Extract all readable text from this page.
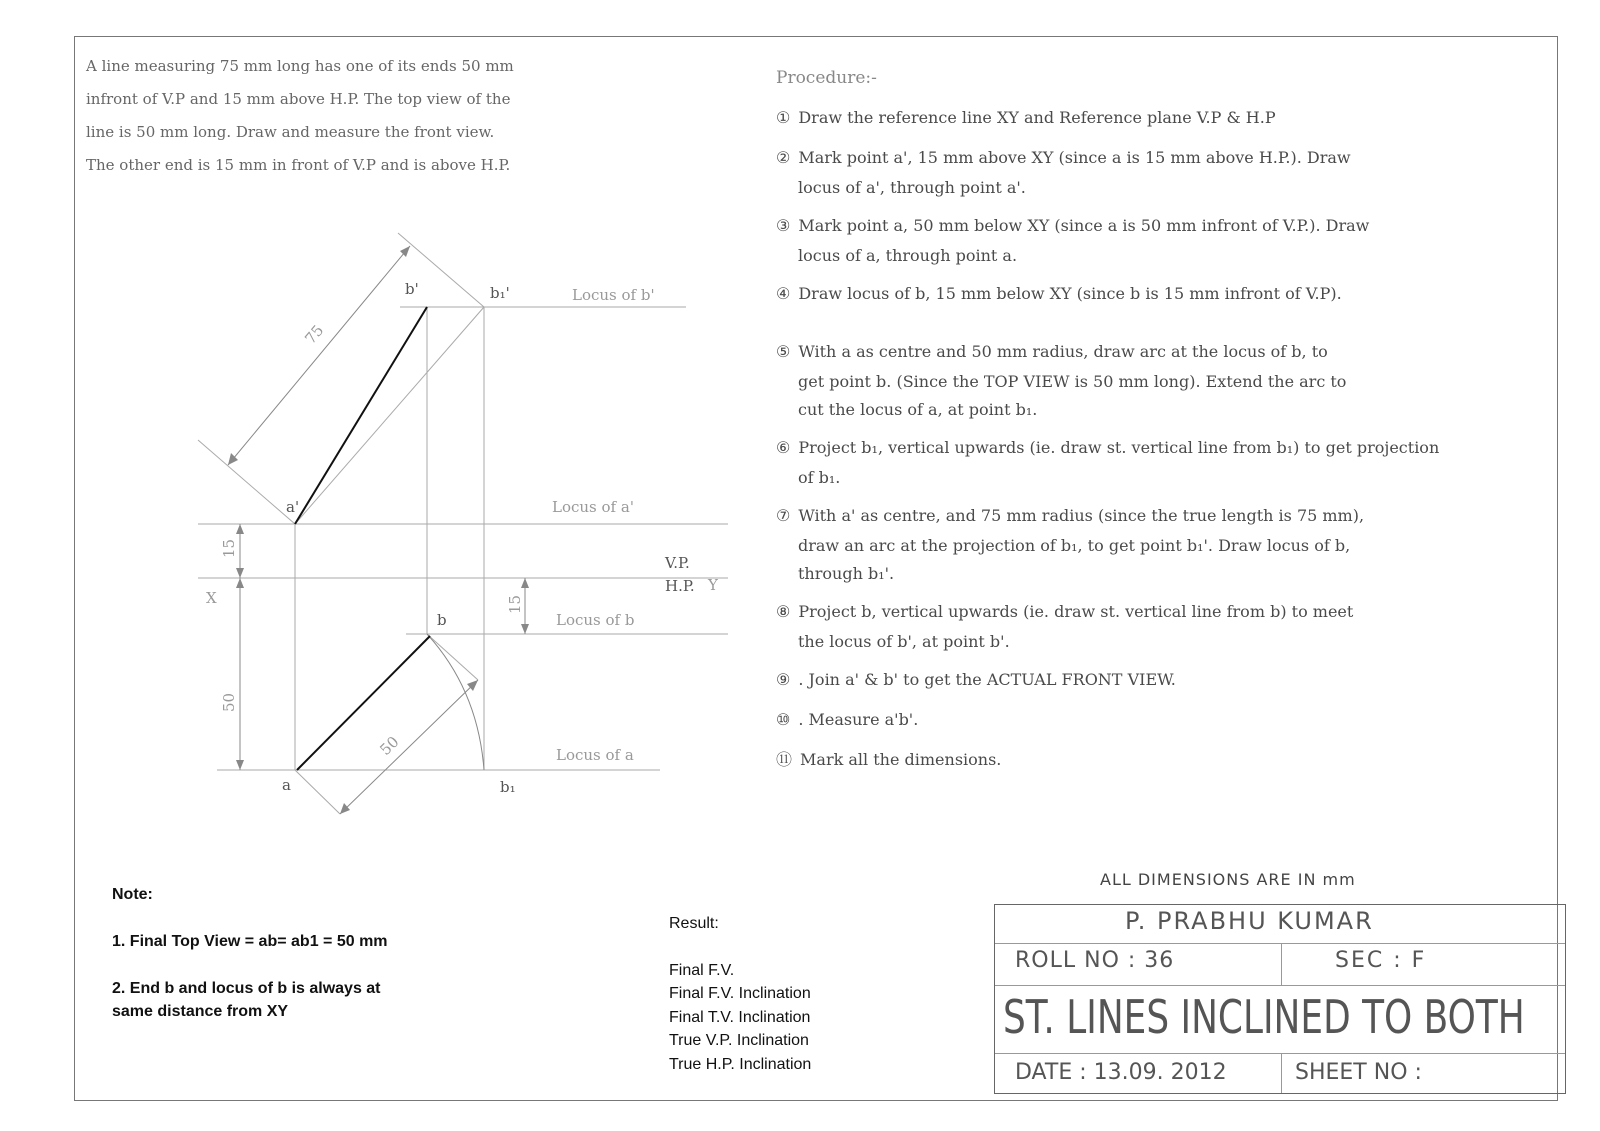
A line measuring 75 mm long has one of its ends 50 mm
infront of V.P and 15 mm above H.P. The top view of the
line is 50 mm long. Draw and measure the front view.
The other end is 15 mm in front of V.P and is above H.P.
Procedure:-
① Draw the reference line XY and Reference plane V.P & H.P
② Mark point a', 15 mm above XY (since a is 15 mm above H.P.). Draw
locus of a', through point a'.
③ Mark point a, 50 mm below XY (since a is 50 mm infront of V.P.). Draw
locus of a, through point a.
④ Draw locus of b, 15 mm below XY (since b is 15 mm infront of V.P).
⑤ With a as centre and 50 mm radius, draw arc at the locus of b, to
get point b. (Since the TOP VIEW is 50 mm long). Extend the arc to
cut the locus of a, at point b₁.
⑥ Project b₁, vertical upwards (ie. draw st. vertical line from b₁) to get projection
of b₁.
⑦ With a' as centre, and 75 mm radius (since the true length is 75 mm),
draw an arc at the projection of b₁, to get point b₁'. Draw locus of b,
through b₁'.
⑧ Project b, vertical upwards (ie. draw st. vertical line from b) to meet
the locus of b', at point b'.
⑨ . Join a' & b' to get the ACTUAL FRONT VIEW.
⑩ . Measure a'b'.
⑪ Mark all the dimensions.
b'	b₁'	Locus of b'
a'	Locus of a'
V.P.
H.P.
X
Y
b	Locus of b
a	b₁
Locus of a
75
15
15
50
50
Note:
1. Final Top View = ab= ab1 = 50 mm
2. End b and locus of b is always at
same distance from XY
Result:
Final F.V.
Final F.V. Inclination
Final T.V. Inclination
True V.P. Inclination
True H.P. Inclination
ALL DIMENSIONS ARE IN mm
P. PRABHU KUMAR
ROLL NO : 36	SEC : F
ST. LINES INCLINED TO BOTH
DATE : 13.09. 2012	SHEET NO :
